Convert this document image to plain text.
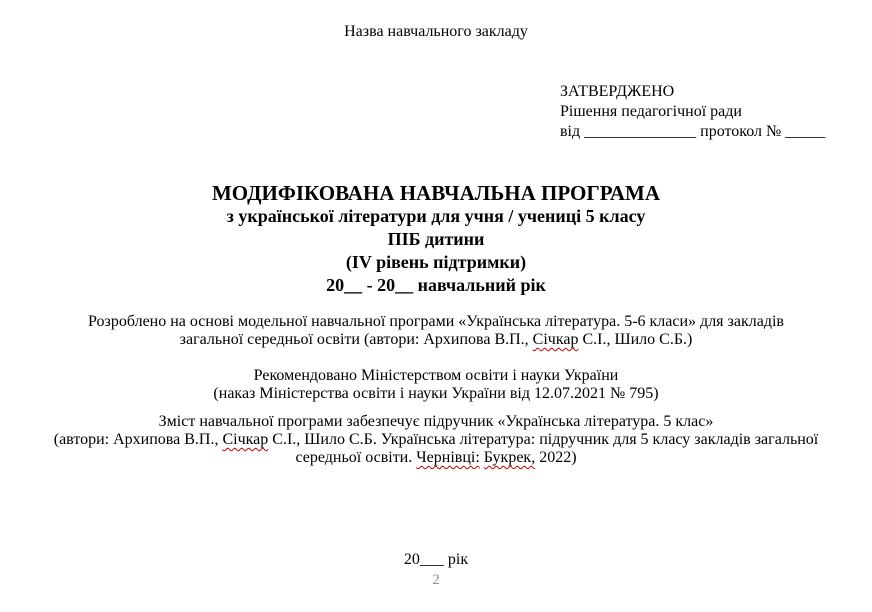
Назва навчального закладу
ЗАТВЕРДЖЕНО
Рішення педагогічної ради
від ______________ протокол № _____
МОДИФІКОВАНА НАВЧАЛЬНА ПРОГРАМА
з української літератури для учня / учениці 5 класу
ПІБ дитини
(IV рівень підтримки)
20__ - 20__ навчальний рік
Розроблено на основі модельної навчальної програми «Українська література. 5-6 класи» для закладів
загальної середньої освіти (автори: Архипова В.П., Січкар С.І., Шило С.Б.)
Рекомендовано Міністерством освіти і науки України
(наказ Міністерства освіти і науки України від 12.07.2021 № 795)
Зміст навчальної програми забезпечує підручник «Українська література. 5 клас»
(автори: Архипова В.П., Січкар С.І., Шило С.Б. Українська література: підручник для 5 класу закладів загальної
середньої освіти. Чернівці: Букрек, 2022)
20___ рік
2
